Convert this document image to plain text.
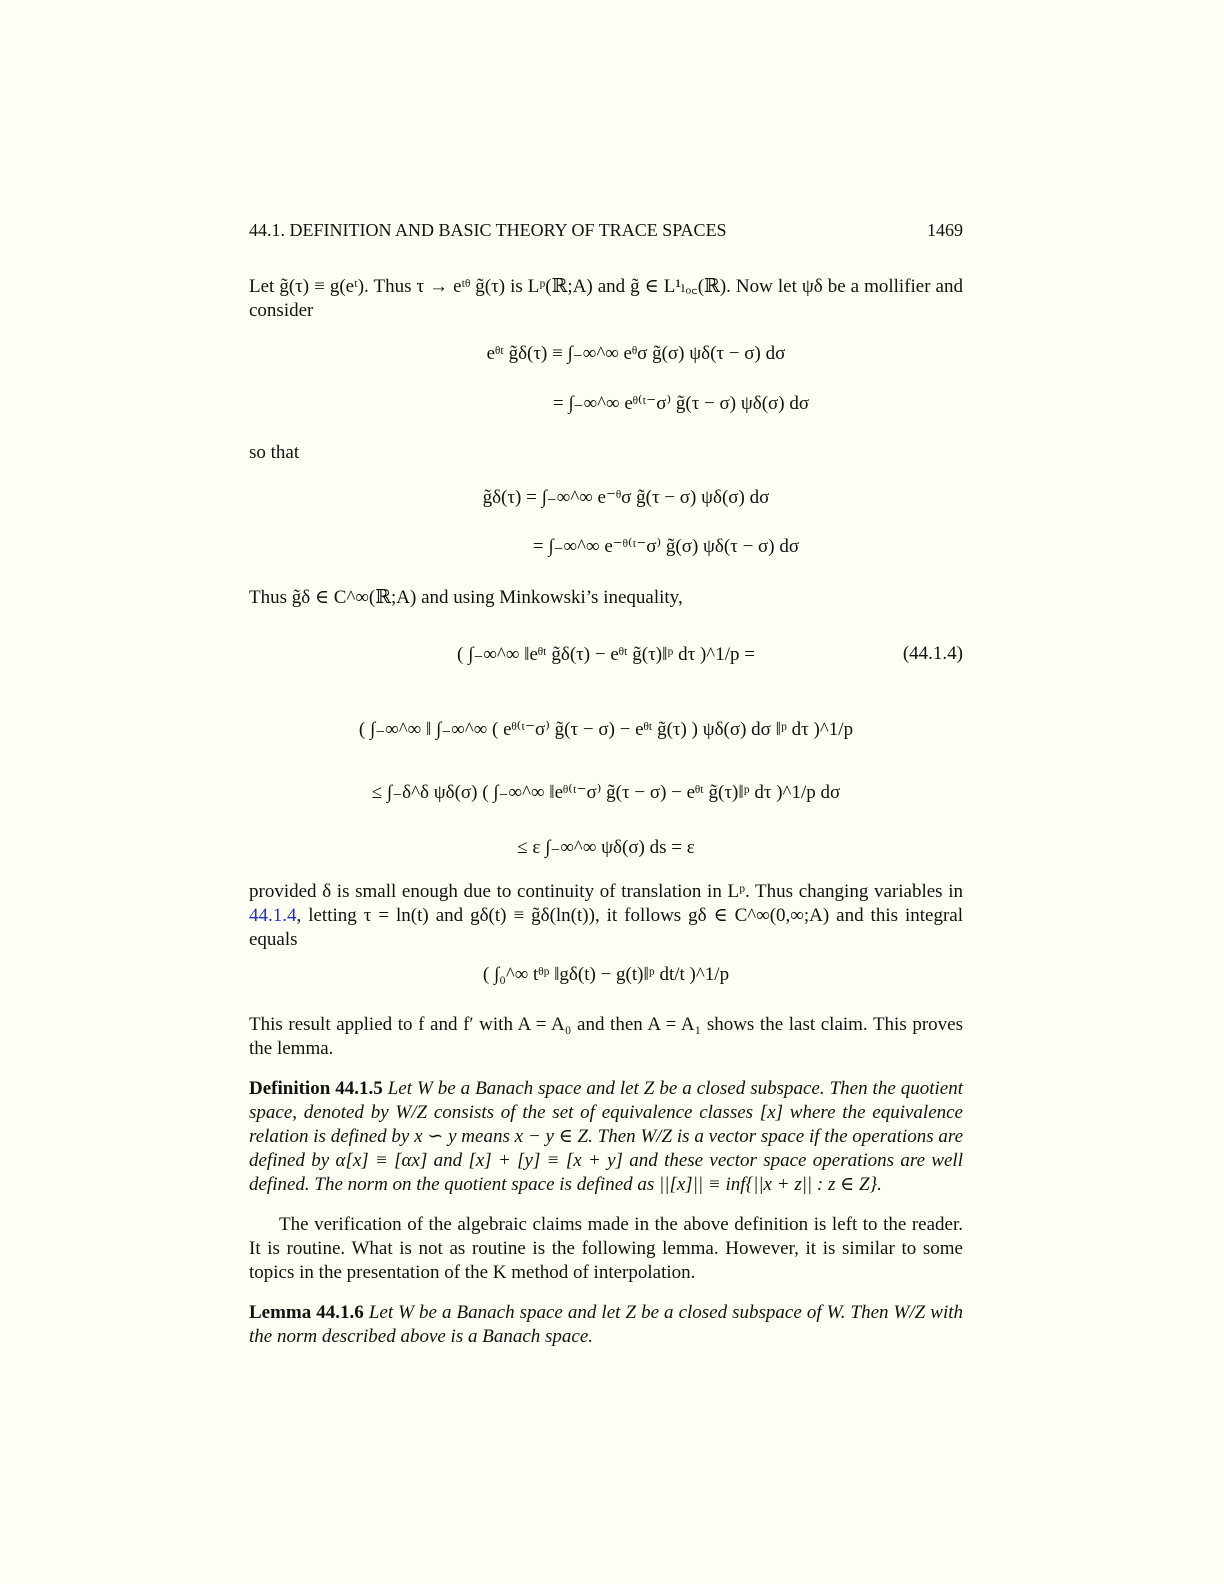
44.1. DEFINITION AND BASIC THEORY OF TRACE SPACES	1469
Let g̃(τ) ≡ g(eᵗ). Thus τ → eᵗᶿ g̃(τ) is Lᵖ(ℝ;A) and g̃ ∈ L¹ₗₒ꜀(ℝ). Now let ψδ be a mollifier and consider
eᶿᵗ g̃δ(τ) ≡ ∫₋∞^∞ eᶿσ g̃(σ) ψδ(τ − σ) dσ
= ∫₋∞^∞ eᶿ⁽ᵗ⁻σ⁾ g̃(τ − σ) ψδ(σ) dσ
so that
g̃δ(τ) = ∫₋∞^∞ e⁻ᶿσ g̃(τ − σ) ψδ(σ) dσ
= ∫₋∞^∞ e⁻ᶿ⁽ᵗ⁻σ⁾ g̃(σ) ψδ(τ − σ) dσ
Thus g̃δ ∈ C^∞(ℝ;A) and using Minkowski’s inequality,
( ∫₋∞^∞ ‖eᶿᵗ g̃δ(τ) − eᶿᵗ g̃(τ)‖ᵖ dτ )^1/p =	(44.1.4)
( ∫₋∞^∞ ‖ ∫₋∞^∞ ( eᶿ⁽ᵗ⁻σ⁾ g̃(τ − σ) − eᶿᵗ g̃(τ) ) ψδ(σ) dσ ‖ᵖ dτ )^1/p
≤ ∫₋δ^δ ψδ(σ) ( ∫₋∞^∞ ‖eᶿ⁽ᵗ⁻σ⁾ g̃(τ − σ) − eᶿᵗ g̃(τ)‖ᵖ dτ )^1/p dσ
≤ ε ∫₋∞^∞ ψδ(σ) ds = ε
provided δ is small enough due to continuity of translation in Lᵖ. Thus changing variables in 44.1.4, letting τ = ln(t) and gδ(t) ≡ g̃δ(ln(t)), it follows gδ ∈ C^∞(0,∞;A) and this integral equals
( ∫₀^∞ tᶿᵖ ‖gδ(t) − g(t)‖ᵖ dt/t )^1/p
This result applied to f and f′ with A = A₀ and then A = A₁ shows the last claim. This proves the lemma.
Definition 44.1.5 Let W be a Banach space and let Z be a closed subspace. Then the quotient space, denoted by W/Z consists of the set of equivalence classes [x] where the equivalence relation is defined by x ∽ y means x − y ∈ Z. Then W/Z is a vector space if the operations are defined by α[x] ≡ [αx] and [x] + [y] ≡ [x + y] and these vector space operations are well defined. The norm on the quotient space is defined as ||[x]|| ≡ inf{||x + z|| : z ∈ Z}.
The verification of the algebraic claims made in the above definition is left to the reader. It is routine. What is not as routine is the following lemma. However, it is similar to some topics in the presentation of the K method of interpolation.
Lemma 44.1.6 Let W be a Banach space and let Z be a closed subspace of W. Then W/Z with the norm described above is a Banach space.
